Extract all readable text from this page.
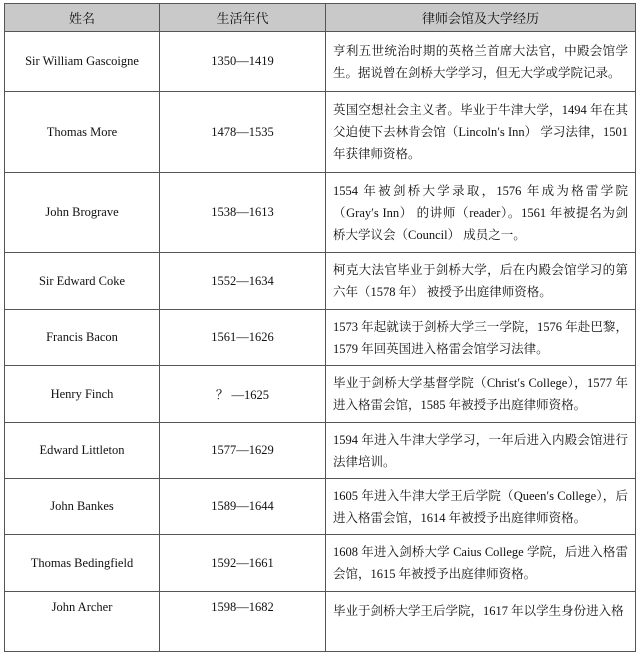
姓名	生活年代	律师会馆及大学经历
Sir William Gascoigne	1350—1419	亨利五世统治时期的英格兰首席大法官，中殿会馆学生。据说曾在剑桥大学学习，但无大学或学院记录。
Thomas More	1478—1535	英国空想社会主义者。毕业于牛津大学，1494 年在其父迫使下去林肯会馆（Lincoln′s Inn） 学习法律，1501 年获律师资格。
John Brograve	1538—1613	1554 年被剑桥大学录取，1576 年成为格雷学院（Gray′s Inn） 的讲师（reader）。1561 年被提名为剑桥大学议会（Council） 成员之一。
Sir Edward Coke	1552—1634	柯克大法官毕业于剑桥大学，后在内殿会馆学习的第六年（1578 年） 被授予出庭律师资格。
Francis Bacon	1561—1626	1573 年起就读于剑桥大学三一学院，1576 年赴巴黎，1579 年回英国进入格雷会馆学习法律。
Henry Finch	？ —1625	毕业于剑桥大学基督学院（Christ′s College），1577 年进入格雷会馆，1585 年被授予出庭律师资格。
Edward Littleton	1577—1629	1594 年进入牛津大学学习，一年后进入内殿会馆进行法律培训。
John Bankes	1589—1644	1605 年进入牛津大学王后学院（Queen′s College），后进入格雷会馆，1614 年被授予出庭律师资格。
Thomas Bedingfield	1592—1661	1608 年进入剑桥大学 Caius College 学院，后进入格雷会馆，1615 年被授予出庭律师资格。
John Archer	1598—1682	毕业于剑桥大学王后学院，1617 年以学生身份进入格
